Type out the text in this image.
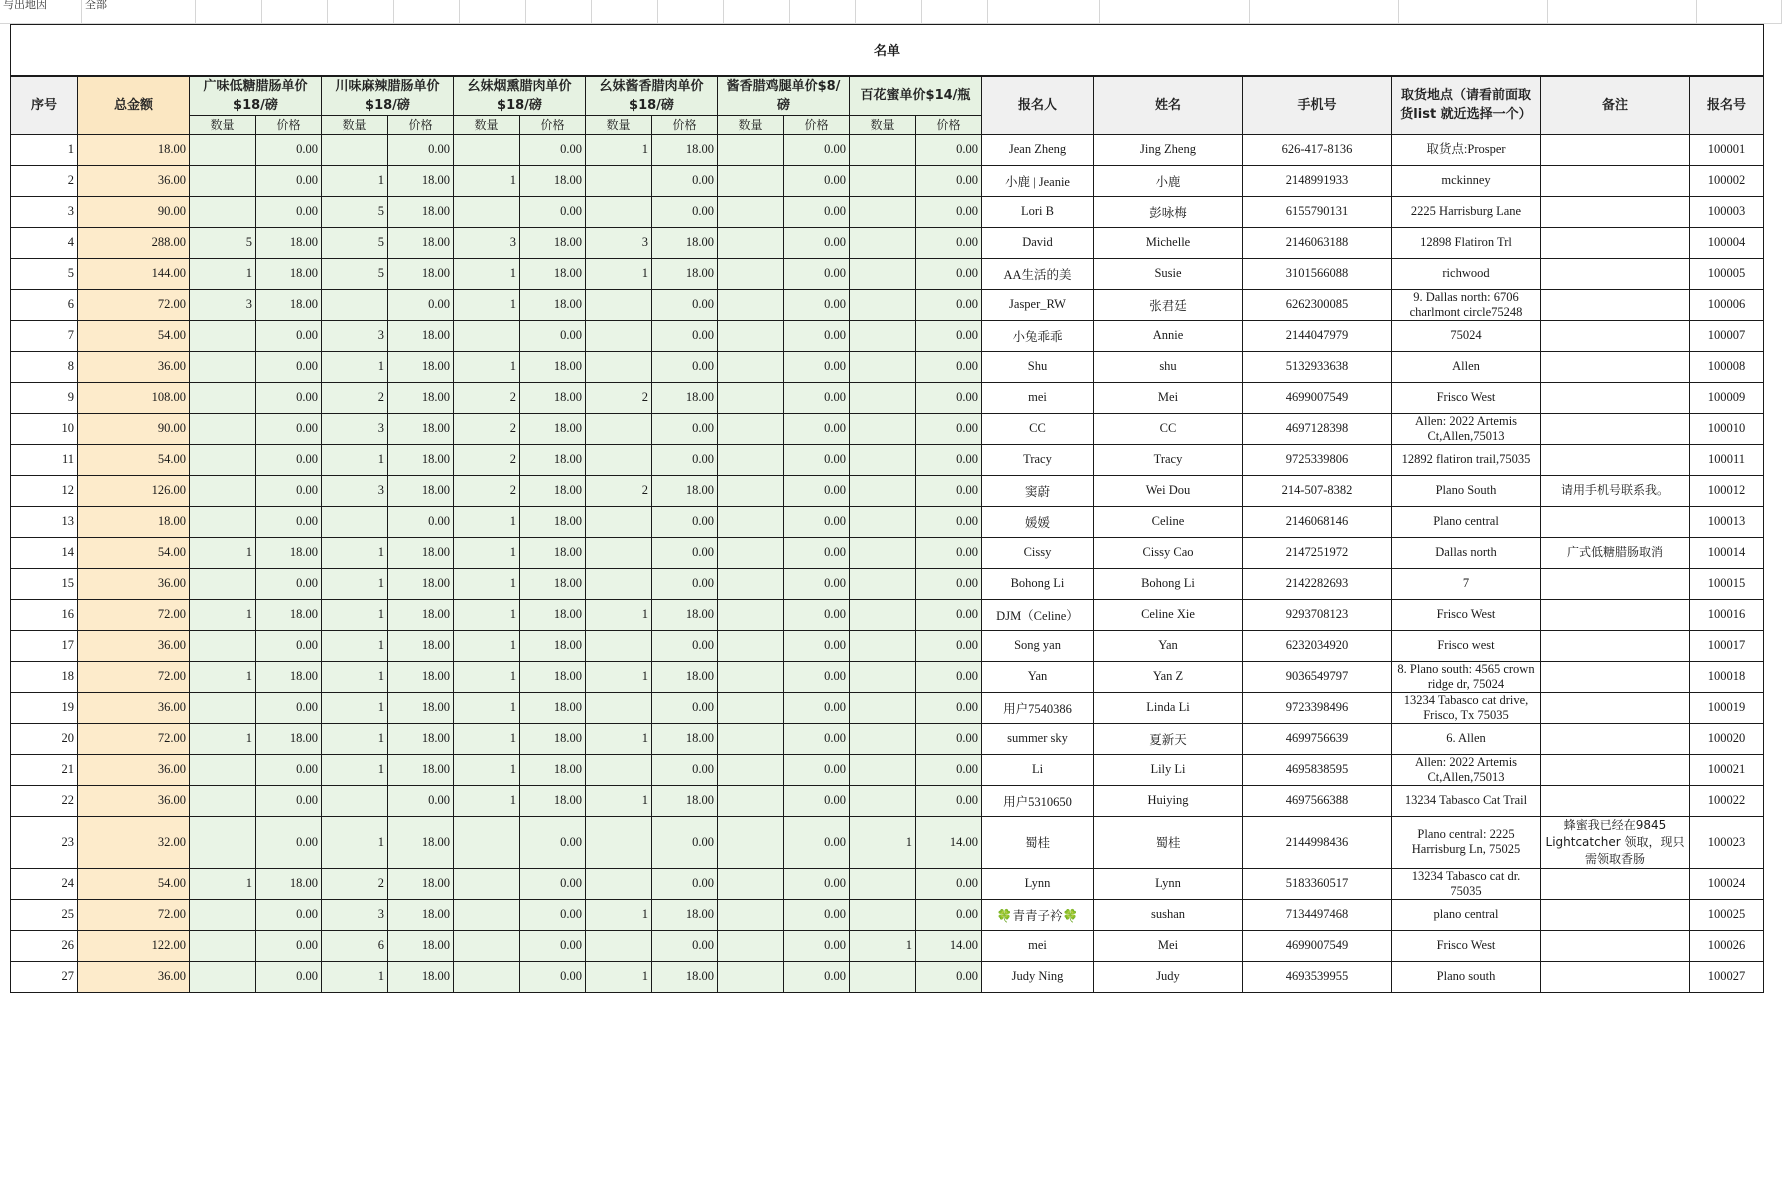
与出地因	全部
名单																			
序号	总金额	广味低糖腊肠单价$18/磅		川味麻辣腊肠单价$18/磅		幺妹烟熏腊肉单价$18/磅		幺妹酱香腊肉单价$18/磅		酱香腊鸡腿单价$8/磅		百花蜜单价$14/瓶		报名人	姓名	手机号	取货地点（请看前面取货list 就近选择一个）	备注	报名号
		数量	价格	数量	价格	数量	价格	数量	价格	数量	价格	数量	价格						
1	18.00		0.00		0.00		0.00	1	18.00		0.00		0.00	Jean Zheng	Jing Zheng	626-417-8136	取货点:Prosper		100001
2	36.00		0.00	1	18.00	1	18.00		0.00		0.00		0.00	小鹿 | Jeanie	小鹿	2148991933	mckinney		100002
3	90.00		0.00	5	18.00		0.00		0.00		0.00		0.00	Lori B	彭咏梅	6155790131	2225 Harrisburg Lane		100003
4	288.00	5	18.00	5	18.00	3	18.00	3	18.00		0.00		0.00	David	Michelle	2146063188	12898 Flatiron Trl		100004
5	144.00	1	18.00	5	18.00	1	18.00	1	18.00		0.00		0.00	AA生活的美	Susie	3101566088	richwood		100005
6	72.00	3	18.00		0.00	1	18.00		0.00		0.00		0.00	Jasper_RW	张君廷	6262300085	9. Dallas north: 6706 charlmont circle75248		100006
7	54.00		0.00	3	18.00		0.00		0.00		0.00		0.00	小兔乖乖	Annie	2144047979	75024		100007
8	36.00		0.00	1	18.00	1	18.00		0.00		0.00		0.00	Shu	shu	5132933638	Allen		100008
9	108.00		0.00	2	18.00	2	18.00	2	18.00		0.00		0.00	mei	Mei	4699007549	Frisco West		100009
10	90.00		0.00	3	18.00	2	18.00		0.00		0.00		0.00	CC	CC	4697128398	Allen: 2022 Artemis Ct,Allen,75013		100010
11	54.00		0.00	1	18.00	2	18.00		0.00		0.00		0.00	Tracy	Tracy	9725339806	12892 flatiron trail,75035		100011
12	126.00		0.00	3	18.00	2	18.00	2	18.00		0.00		0.00	窦蔚	Wei Dou	214-507-8382	Plano South	请用手机号联系我。	100012
13	18.00		0.00		0.00	1	18.00		0.00		0.00		0.00	媛媛	Celine	2146068146	Plano central		100013
14	54.00	1	18.00	1	18.00	1	18.00		0.00		0.00		0.00	Cissy	Cissy Cao	2147251972	Dallas north	广式低糖腊肠取消	100014
15	36.00		0.00	1	18.00	1	18.00		0.00		0.00		0.00	Bohong Li	Bohong Li	2142282693	7		100015
16	72.00	1	18.00	1	18.00	1	18.00	1	18.00		0.00		0.00	DJM（Celine）	Celine Xie	9293708123	Frisco West		100016
17	36.00		0.00	1	18.00	1	18.00		0.00		0.00		0.00	Song yan	Yan	6232034920	Frisco west		100017
18	72.00	1	18.00	1	18.00	1	18.00	1	18.00		0.00		0.00	Yan	Yan Z	9036549797	8. Plano south: 4565 crown ridge dr, 75024		100018
19	36.00		0.00	1	18.00	1	18.00		0.00		0.00		0.00	用户7540386	Linda Li	9723398496	13234 Tabasco cat drive, Frisco, Tx 75035		100019
20	72.00	1	18.00	1	18.00	1	18.00	1	18.00		0.00		0.00	summer sky	夏新天	4699756639	6. Allen		100020
21	36.00		0.00	1	18.00	1	18.00		0.00		0.00		0.00	Li	Lily Li	4695838595	Allen: 2022 Artemis Ct,Allen,75013		100021
22	36.00		0.00		0.00	1	18.00	1	18.00		0.00		0.00	用户5310650	Huiying	4697566388	13234 Tabasco Cat Trail		100022
23	32.00		0.00	1	18.00		0.00		0.00		0.00	1	14.00	蜀桂	蜀桂	2144998436	Plano central: 2225 Harrisburg Ln, 75025	蜂蜜我已经在9845 Lightcatcher 领取，现只需领取香肠	100023
24	54.00	1	18.00	2	18.00		0.00		0.00		0.00		0.00	Lynn	Lynn	5183360517	13234 Tabasco cat dr. 75035		100024
25	72.00		0.00	3	18.00		0.00	1	18.00		0.00		0.00	🍀青青子衿🍀	sushan	7134497468	plano central		100025
26	122.00		0.00	6	18.00		0.00		0.00		0.00	1	14.00	mei	Mei	4699007549	Frisco West		100026
27	36.00		0.00	1	18.00		0.00	1	18.00		0.00		0.00	Judy Ning	Judy	4693539955	Plano south		100027
